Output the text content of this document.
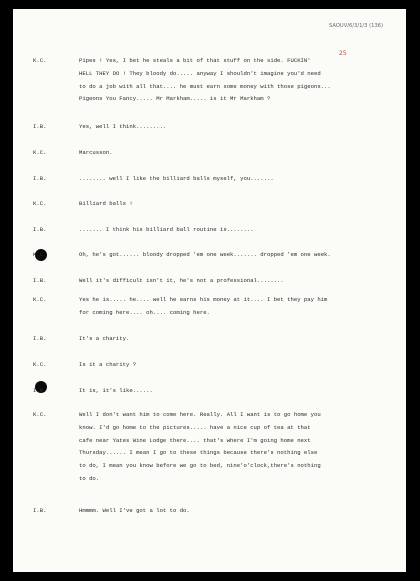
SAOUV/6/3/1/3 (136)
25
K.C.	Pipes ! Yes, I bet he steals a bit of that stuff on the side. FUCKIN'
HELL THEY DO ! They bloody do..... anyway I shouldn't imagine you'd need
to do a job with all that.... he must earn some money with those pigeons...
Pigeons You Fancy..... Mr Markham..... is it Mr Markham ?
I.B.	Yes, well I think.........
K.C.	Marcusson.
I.B.	........ well I like the billiard balls myself, you.......
K.C.	Billiard balls !
I.B.	....... I think his billiard ball routine is........
K.C.	Oh, he's got...... bloody dropped 'em one week....... dropped 'em one week.
I.B.	Well it's difficult isn't it, he's not a professional........
K.C.	Yes he is..... he.... well he earns his money at it.... I bet they pay him
for coming here.... oh.... coming here.
I.B.	It's a charity.
K.C.	Is it a charity ?
I.B.	It is, it's like......
K.C.	Well I don't want him to come here. Really. All I want is to go home you
know. I'd go home to the pictures..... have a nice cup of tea at that
cafe near Yates Wine Lodge there.... that's where I'm going home next
Thursday...... I mean I go to these things because there's nothing else
to do, I mean you know before we go to bed, nine'o'clock,there's nothing
to do.
I.B.	Hmmmm. Well I've got a lot to do.
